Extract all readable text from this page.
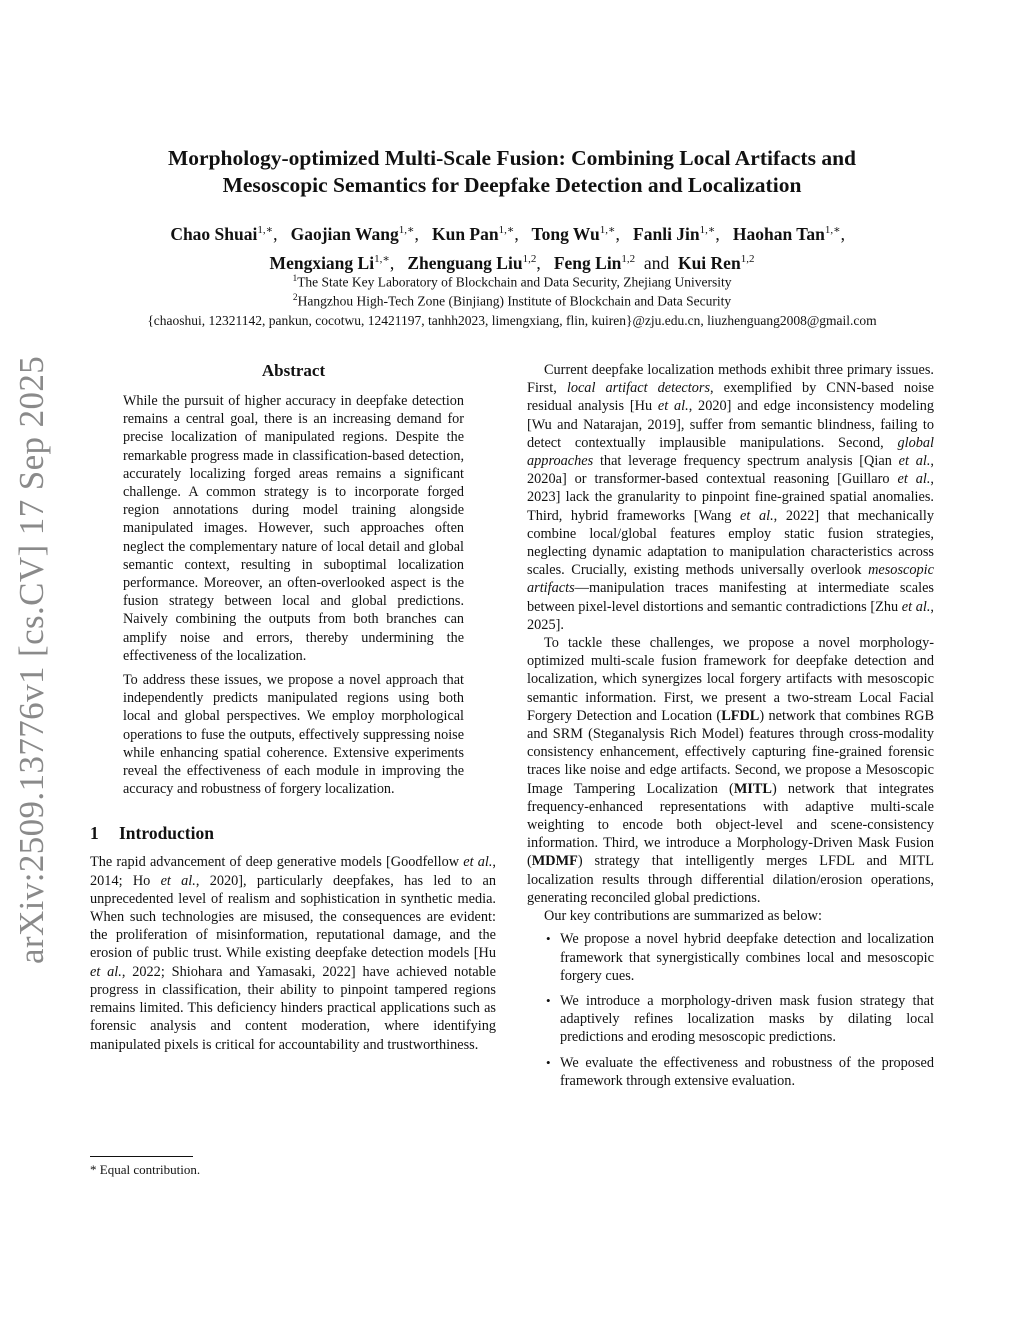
arXiv:2509.13776v1 [cs.CV] 17 Sep 2025
Morphology-optimized Multi-Scale Fusion: Combining Local Artifacts and
Mesoscopic Semantics for Deepfake Detection and Localization
Chao Shuai$^{1,∗}$,   Gaojian Wang$^{1,∗}$,   Kun Pan$^{1,∗}$,   Tong $Wu^{1,∗}$,   Fanli Jin$^{1,∗}$,   Haohan Tan$^{1,∗}$,   Mengxiang $Li^{1,∗}$,   Zhenguang Liu$^{1,2}$,   Feng Lin$^{1,2}$ and Kui Ren$^{1,2}$
$^1$The State Key Laboratory of Blockchain and Data Security, Zhejiang University
$^2$Hangzhou High-Tech Zone (Binjiang) Institute of Blockchain and Data Security
{chaoshui, 12321142, pankun, cocotwu, 12421197, tanhh2023, limengxiang, flin, kuiren}@zju.edu.cn, liuzhenguang2008@gmail.com
Abstract

While the pursuit of higher accuracy in deepfake detection remains a central goal, there is an increasing demand for precise localization of manipulated regions. Despite the remarkable progress made in classification-based detection, accurately localizing forged areas remains a significant challenge. A common strategy is to incorporate forged region annotations during model training alongside manipulated images. However, such approaches often neglect the complementary nature of local detail and global semantic context, resulting in suboptimal localization performance. Moreover, an often-overlooked aspect is the fusion strategy between local and global predictions. Naively combining the outputs from both branches can amplify noise and errors, thereby undermining the effectiveness of the localization.

To address these issues, we propose a novel approach that independently predicts manipulated regions using both local and global perspectives. We employ morphological operations to fuse the outputs, effectively suppressing noise while enhancing spatial coherence. Extensive experiments reveal the effectiveness of each module in improving the accuracy and robustness of forgery localization.

1 Introduction

The rapid advancement of deep generative models [Goodfellow et al., 2014; Ho et al., 2020], particularly deepfakes, has led to an unprecedented level of realism and sophistication in synthetic media. When such technologies are misused, the consequences are evident: the proliferation of misinformation, reputational damage, and the erosion of public trust. While existing deepfake detection models [Hu et al., 2022; Shiohara and Yamasaki, 2022] have achieved notable progress in classification, their ability to pinpoint tampered regions remains limited. This deficiency hinders practical applications such as forensic analysis and content moderation, where identifying manipulated pixels is critical for accountability and trustworthiness.

Current deepfake localization methods exhibit three primary issues. First, local artifact detectors, exemplified by CNN-based noise residual analysis [Hu et al., 2020] and edge inconsistency modeling [Wu and Natarajan, 2019], suffer from semantic blindness, failing to detect contextually implausible manipulations. Second, global approaches that leverage frequency spectrum analysis [Qian et al., 2020a] or transformer-based contextual reasoning [Guillaro et al., 2023] lack the granularity to pinpoint fine-grained spatial anomalies. Third, hybrid frameworks [Wang et al., 2022] that mechanically combine local/global features employ static fusion strategies, neglecting dynamic adaptation to manipulation characteristics across scales. Crucially, existing methods universally overlook mesoscopic artifacts—manipulation traces manifesting at intermediate scales between pixel-level distortions and semantic contradictions [Zhu et al., 2025].

To tackle these challenges, we propose a novel morphology-optimized multi-scale fusion framework for deepfake detection and localization, which synergizes local forgery artifacts with mesoscopic semantic information. First, we present a two-stream Local Facial Forgery Detection and Location (LFDL) network that combines RGB and SRM (Steganalysis Rich Model) features through cross-modality consistency enhancement, effectively capturing fine-grained forensic traces like noise and edge artifacts. Second, we propose a Mesoscopic Image Tampering Localization (MITL) network that integrates frequency-enhanced representations with adaptive multi-scale weighting to encode both object-level and scene-consistency information. Third, we introduce a Morphology-Driven Mask Fusion (MDMF) strategy that intelligently merges LFDL and MITL localization results through differential dilation/erosion operations, generating reconciled global predictions.

Our key contributions are summarized as below:

• We propose a novel hybrid deepfake detection and localization framework that synergistically combines local and mesoscopic forgery cues.

• We introduce a morphology-driven mask fusion strategy that adaptively refines localization masks by dilating local predictions and eroding mesoscopic predictions.

• We evaluate the effectiveness and robustness of the proposed framework through extensive evaluation.

* Equal contribution.
